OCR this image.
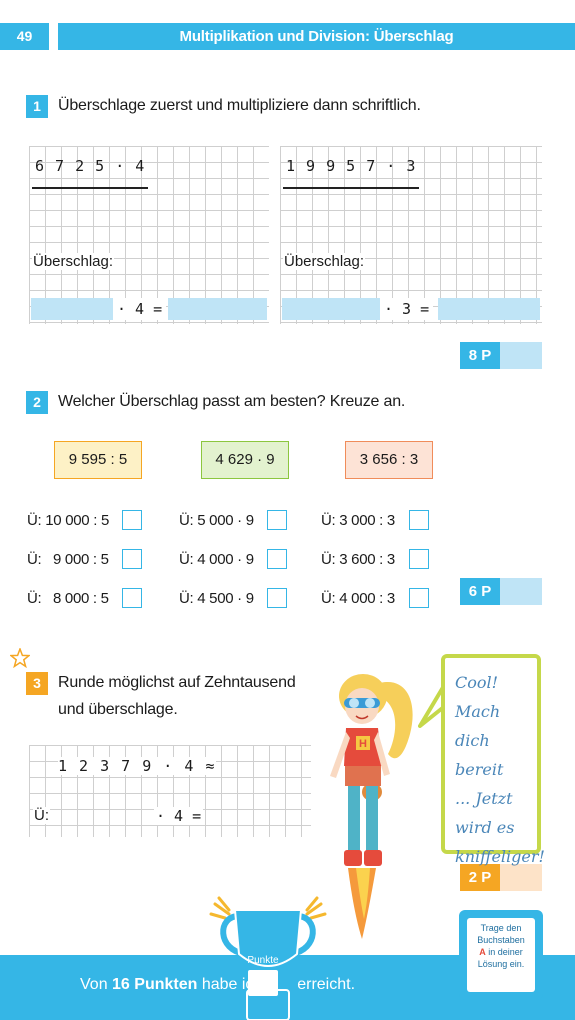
49	Multiplikation und Division: Überschlag
1	Überschlage zuerst und multipliziere dann schriftlich.
6 7 2 5 · 4
Überschlag:
· 4 =
1 9 9 5 7 · 3
Überschlag:
· 3 =
8 P
2	Welcher Überschlag passt am besten? Kreuze an.
9 595 : 5	4 629 · 9	3 656 : 3
Ü: 10 000 : 5	Ü: 5 000 · 9	Ü: 3 000 : 3
Ü:   9 000 : 5	Ü: 4 000 · 9	Ü: 3 600 : 3
Ü:   8 000 : 5	Ü: 4 500 · 9	Ü: 4 000 : 3	6 P
3	Runde möglichst auf Zehntausend
und überschlage.
1 2 3 7 9 · 4 ≈
Ü:	· 4 =
2 P
H
Cool!
Mach dich
bereit
... Jetzt
wird es
kniffeliger!
Punkte
Von 16 Punkten habe ich  erreicht.
Trage den
Buchstaben
A in deiner
Lösung ein.
